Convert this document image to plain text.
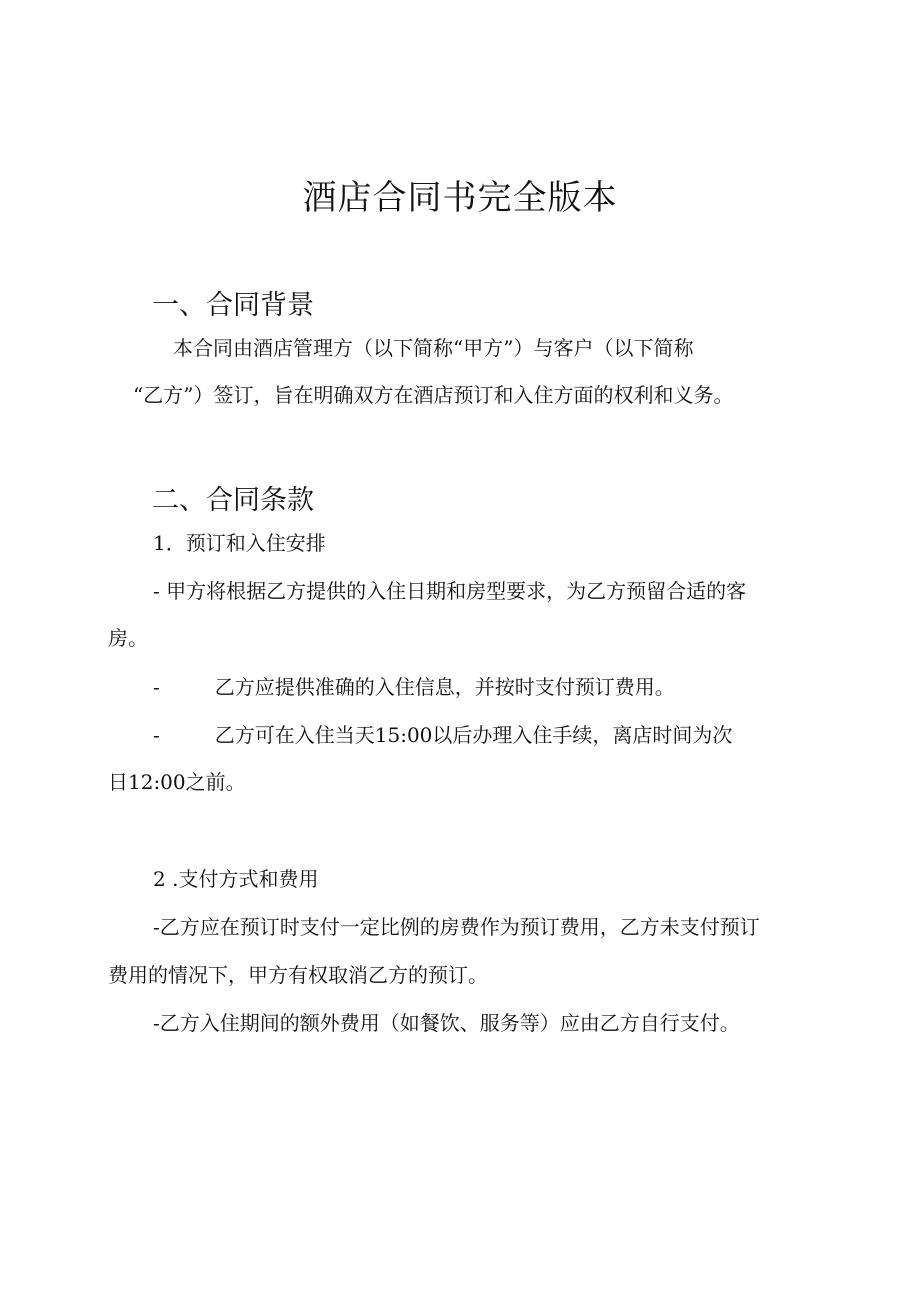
酒店合同书完全版本
一、合同背景
本合同由酒店管理方（以下简称“甲方”）与客户（以下简称
“乙方”）签订，旨在明确双方在酒店预订和入住方面的权利和义务。
二、合同条款
1．预订和入住安排
- 甲方将根据乙方提供的入住日期和房型要求，为乙方预留合适的客
房。
-	乙方应提供准确的入住信息，并按时支付预订费用。
-	乙方可在入住当天15:00以后办理入住手续，离店时间为次
日12:00之前。
2 .支付方式和费用
-乙方应在预订时支付一定比例的房费作为预订费用，乙方未支付预订
费用的情况下，甲方有权取消乙方的预订。
-乙方入住期间的额外费用（如餐饮、服务等）应由乙方自行支付。
